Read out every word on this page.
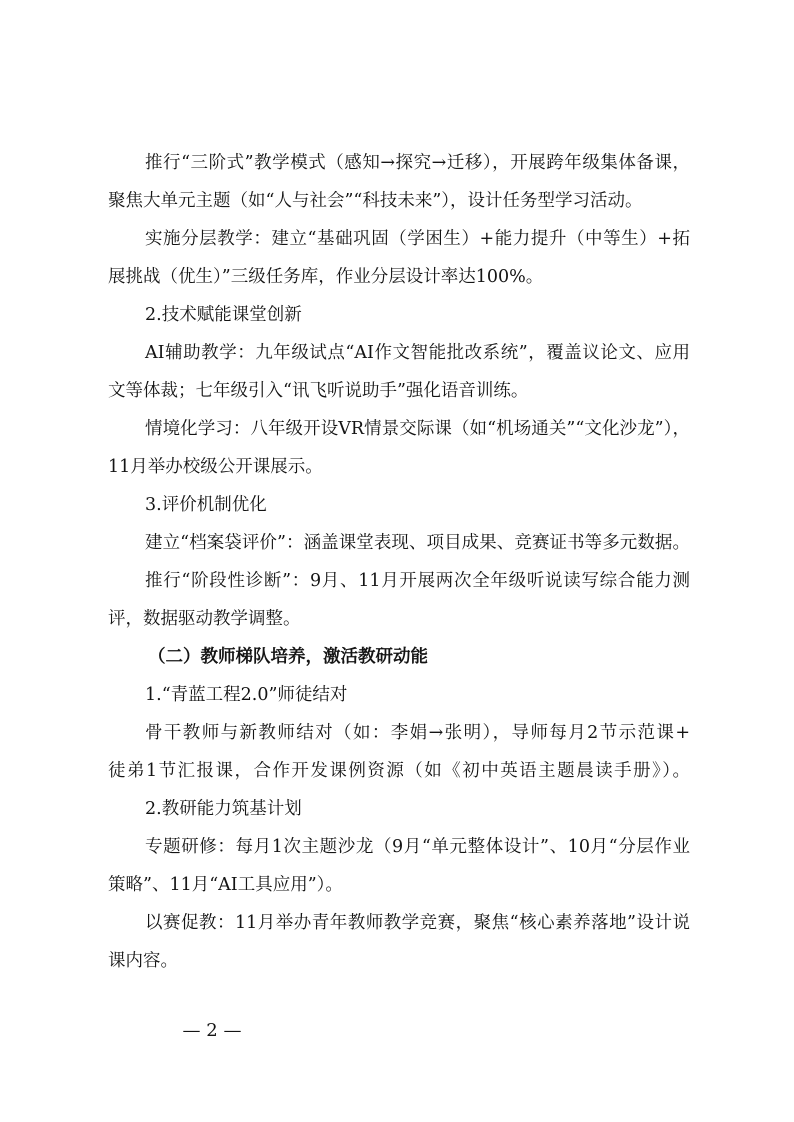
推行“三阶式”教学模式（感知→探究→迁移），开展跨年级集体备课，
聚焦大单元主题（如“人与社会”“科技未来”），设计任务型学习活动。
实施分层教学：建立“基础巩固（学困生）+能力提升（中等生）+拓
展挑战（优生）”三级任务库，作业分层设计率达100%。
2.技术赋能课堂创新
AI辅助教学：九年级试点“AI作文智能批改系统”，覆盖议论文、应用
文等体裁；七年级引入“讯飞听说助手”强化语音训练。
情境化学习：八年级开设VR情景交际课（如“机场通关”“文化沙龙”），
11月举办校级公开课展示。
3.评价机制优化
建立“档案袋评价”：涵盖课堂表现、项目成果、竞赛证书等多元数据。
推行“阶段性诊断”：9月、11月开展两次全年级听说读写综合能力测
评，数据驱动教学调整。
（二）教师梯队培养，激活教研动能
1.“青蓝工程2.0”师徒结对
骨干教师与新教师结对（如：李娟→张明），导师每月2节示范课+
徒弟1节汇报课，合作开发课例资源（如《初中英语主题晨读手册》）。
2.教研能力筑基计划
专题研修：每月1次主题沙龙（9月“单元整体设计”、10月“分层作业
策略”、11月“AI工具应用”）。
以赛促教：11月举办青年教师教学竞赛，聚焦“核心素养落地”设计说
课内容。
— 2 —
